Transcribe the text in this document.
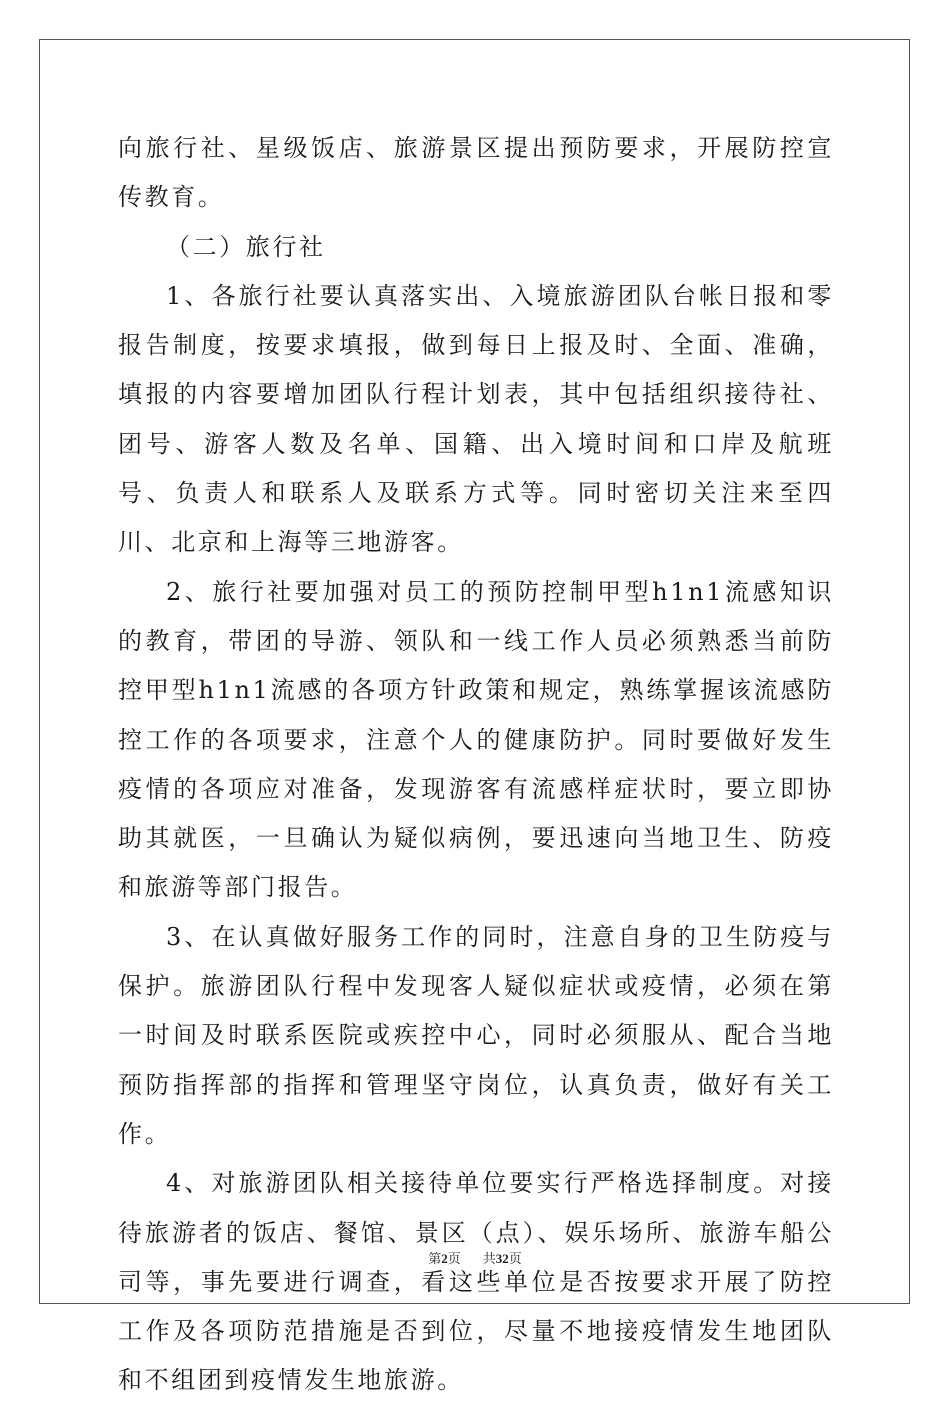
向旅行社、星级饭店、旅游景区提出预防要求，开展防控宣传教育。

（二）旅行社

1、各旅行社要认真落实出、入境旅游团队台帐日报和零报告制度，按要求填报，做到每日上报及时、全面、准确，填报的内容要增加团队行程计划表，其中包括组织接待社、团号、游客人数及名单、国籍、出入境时间和口岸及航班号、负责人和联系人及联系方式等。同时密切关注来至四川、北京和上海等三地游客。

2、旅行社要加强对员工的预防控制甲型h1n1流感知识的教育，带团的导游、领队和一线工作人员必须熟悉当前防控甲型h1n1流感的各项方针政策和规定，熟练掌握该流感防控工作的各项要求，注意个人的健康防护。同时要做好发生疫情的各项应对准备，发现游客有流感样症状时，要立即协助其就医，一旦确认为疑似病例，要迅速向当地卫生、防疫和旅游等部门报告。

3、在认真做好服务工作的同时，注意自身的卫生防疫与保护。旅游团队行程中发现客人疑似症状或疫情，必须在第一时间及时联系医院或疾控中心，同时必须服从、配合当地预防指挥部的指挥和管理坚守岗位，认真负责，做好有关工作。

4、对旅游团队相关接待单位要实行严格选择制度。对接待旅游者的饭店、餐馆、景区（点）、娱乐场所、旅游车船公司等，事先要进行调查，看这些单位是否按要求开展了防控工作及各项防范措施是否到位，尽量不地接疫情发生地团队和不组团到疫情发生地旅游。

第2页 共32页
